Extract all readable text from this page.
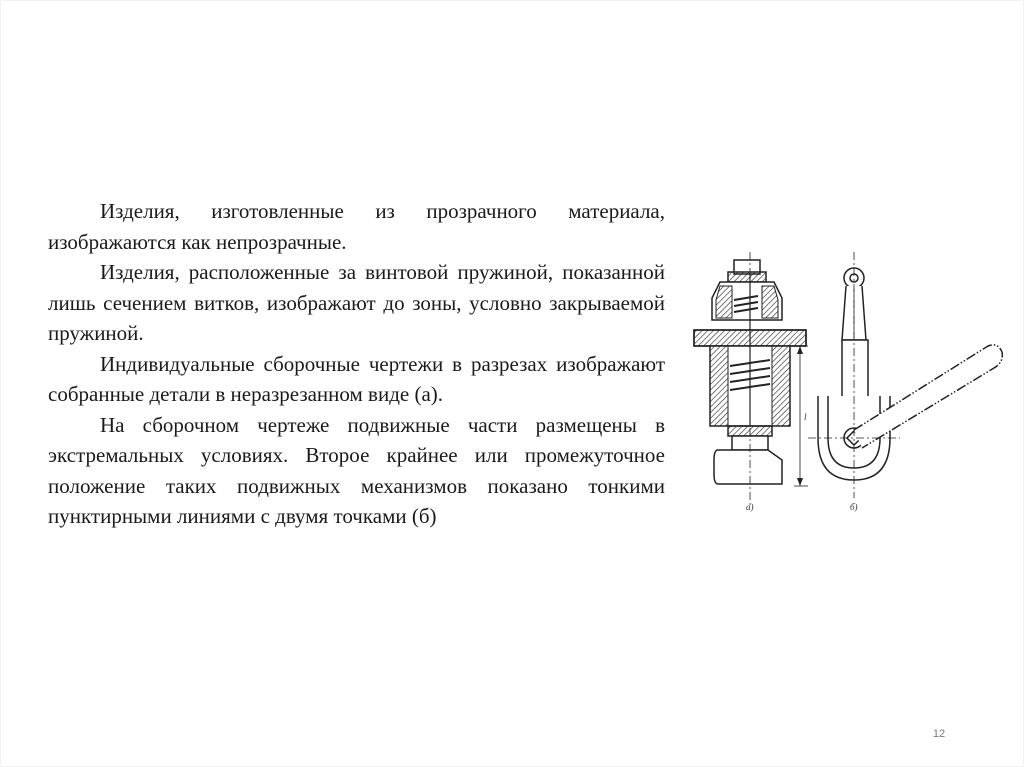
Изделия, изготовленные из прозрачного материала, изображаются как непрозрачные.

Изделия, расположенные за винтовой пружиной, показанной лишь сечением витков, изображают до зоны, условно закрываемой пружиной.

Индивидуальные сборочные чертежи в разрезах изображают собранные детали в неразрезанном виде (а).

На сборочном чертеже подвижные части размещены в экстремальных условиях. Второе крайнее или промежуточное положение таких подвижных механизмов показано тонкими пунктирными линиями с двумя точками (б)

l
а)	б)
12
